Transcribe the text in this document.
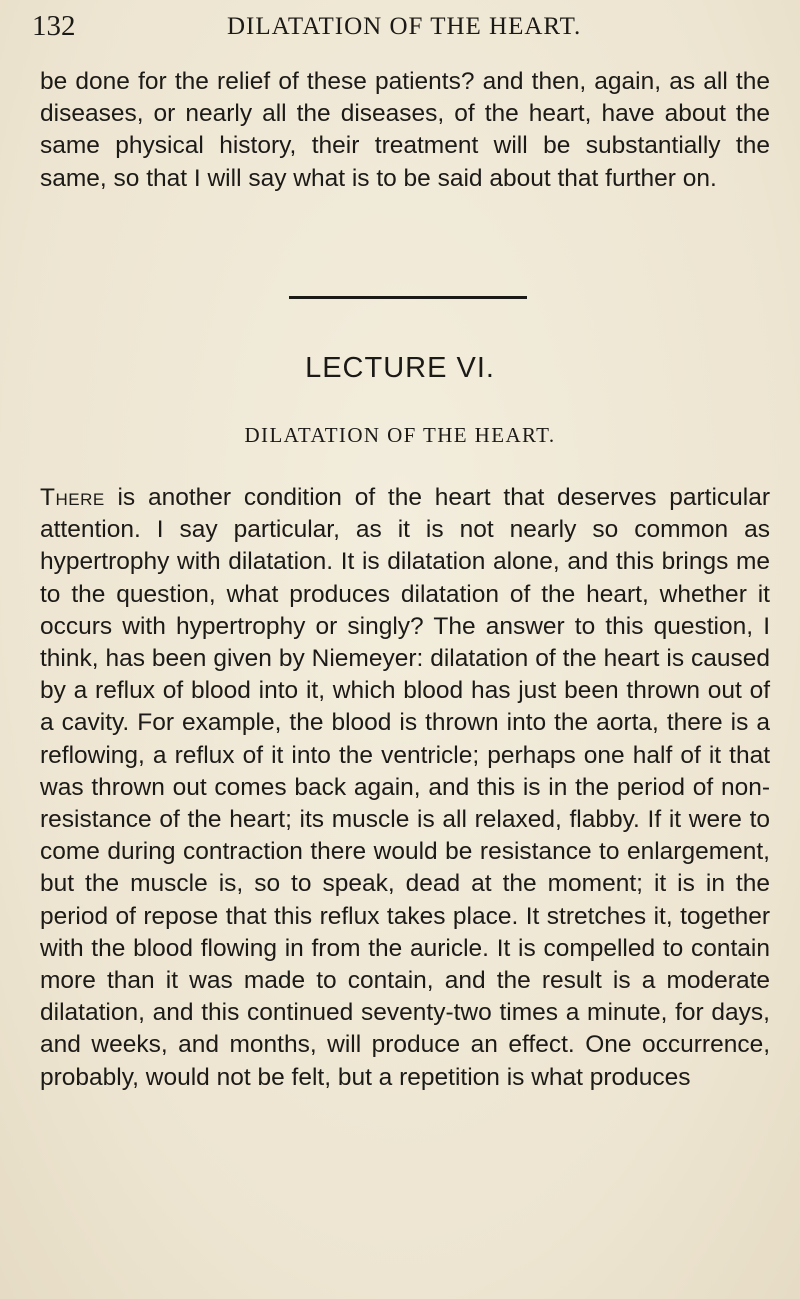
132	DILATATION OF THE HEART.

be done for the relief of these patients? and then, again, as all the diseases, or nearly all the diseases, of the heart, have about the same physical history, their treatment will be substantially the same, so that I will say what is to be said about that further on.

LECTURE VI.
DILATATION OF THE HEART.

There is another condition of the heart that deserves particular attention. I say particular, as it is not nearly so common as hypertrophy with dilatation. It is dilatation alone, and this brings me to the question, what produces dilatation of the heart, whether it occurs with hypertrophy or singly? The answer to this question, I think, has been given by Niemeyer: dilatation of the heart is caused by a reflux of blood into it, which blood has just been thrown out of a cavity. For example, the blood is thrown into the aorta, there is a reflowing, a reflux of it into the ventricle; perhaps one half of it that was thrown out comes back again, and this is in the period of non-resistance of the heart; its muscle is all relaxed, flabby. If it were to come during contraction there would be resistance to enlargement, but the muscle is, so to speak, dead at the moment; it is in the period of repose that this reflux takes place. It stretches it, together with the blood flowing in from the auricle. It is compelled to contain more than it was made to contain, and the result is a moderate dilatation, and this continued seventy-two times a minute, for days, and weeks, and months, will produce an effect. One occurrence, probably, would not be felt, but a repetition is what produces
